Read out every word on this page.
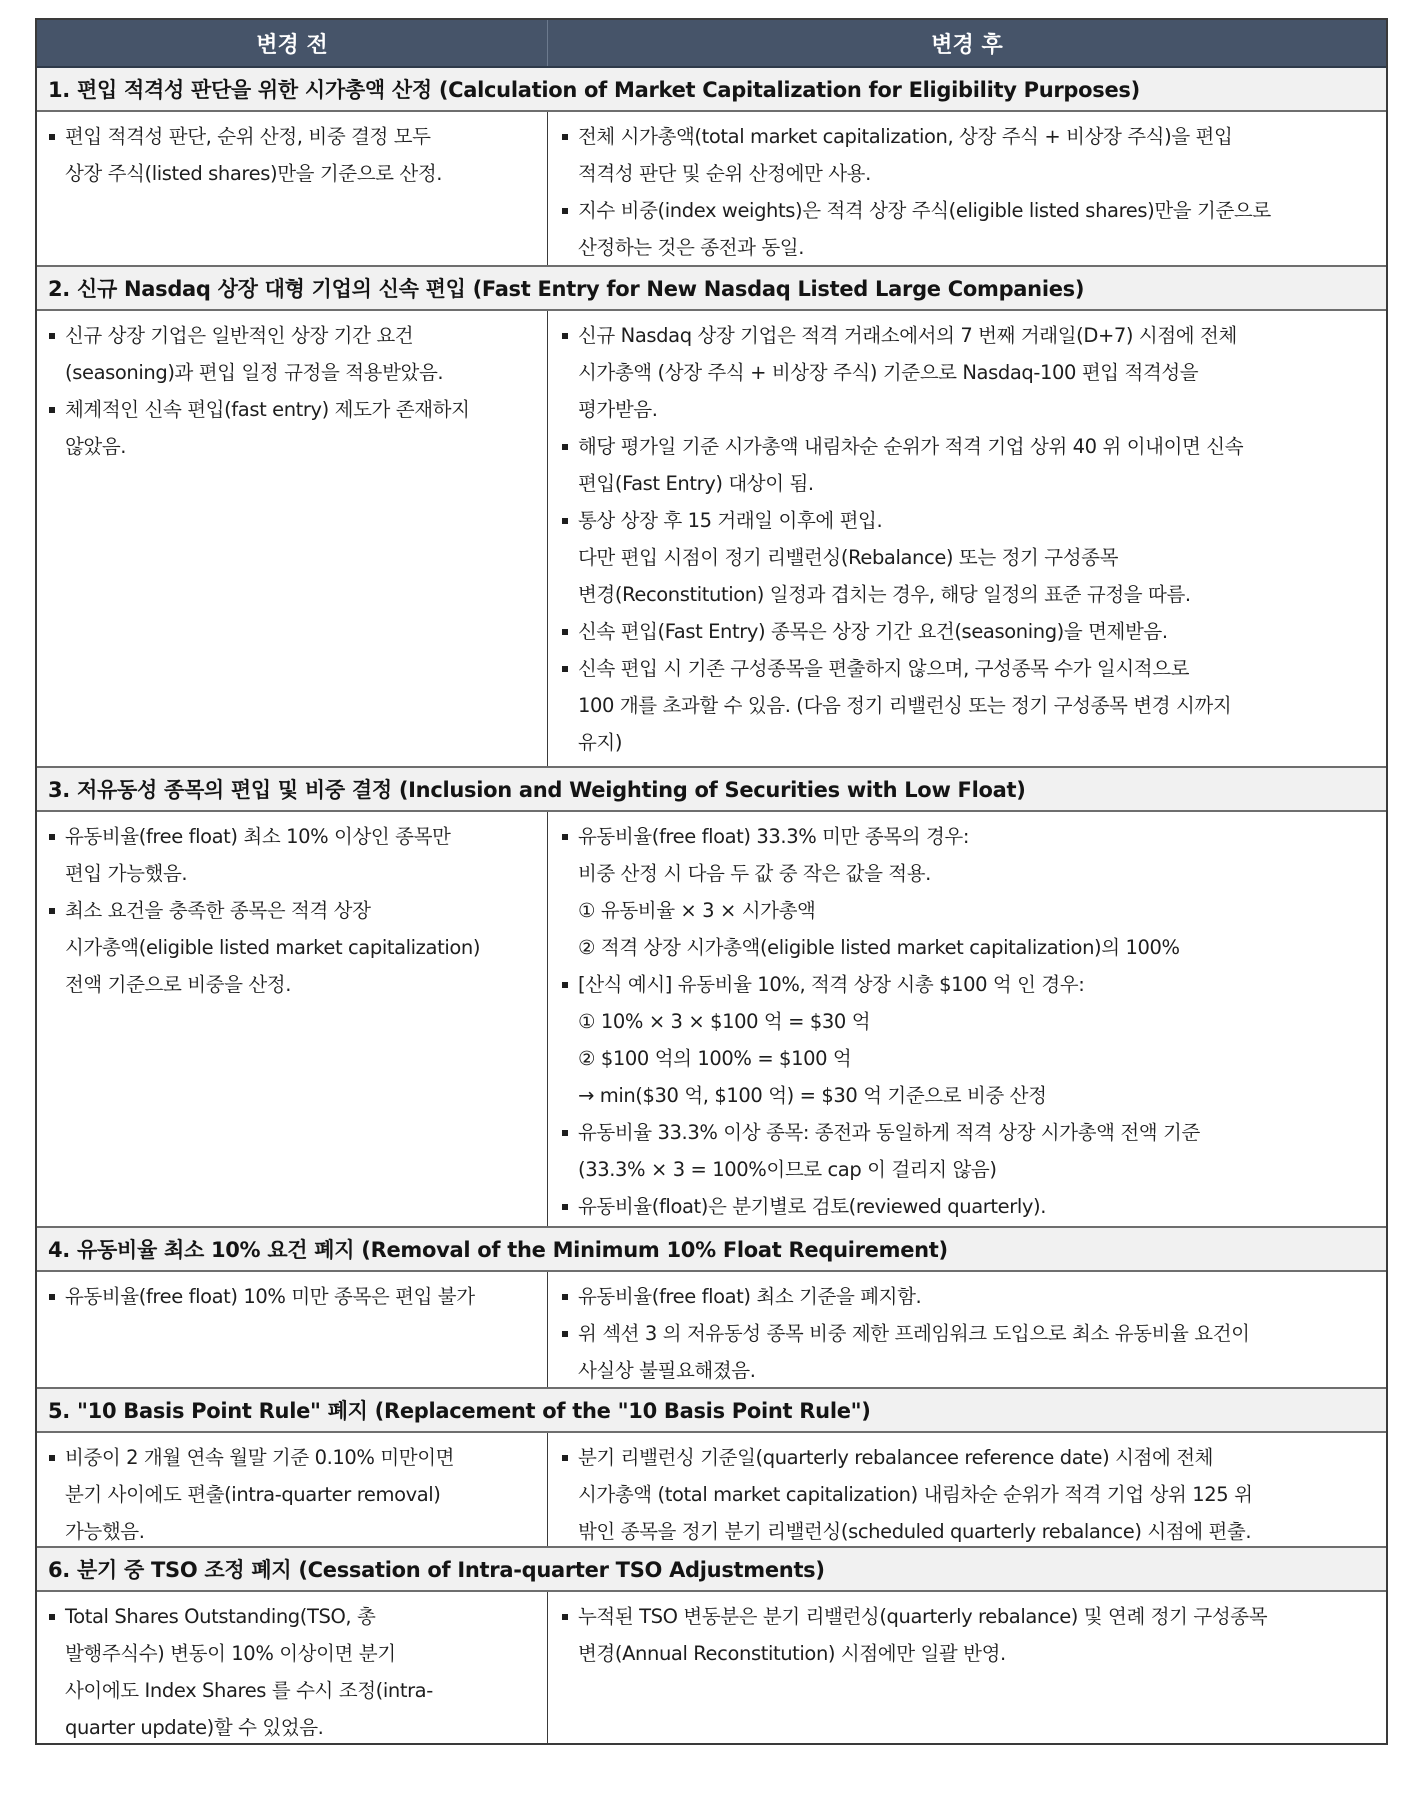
변경 전	변경 후
1. 편입 적격성 판단을 위한 시가총액 산정 (Calculation of Market Capitalization for Eligibility Purposes)
편입 적격성 판단, 순위 산정, 비중 결정 모두
상장 주식(listed shares)만을 기준으로 산정.
전체 시가총액(total market capitalization, 상장 주식 + 비상장 주식)을 편입
적격성 판단 및 순위 산정에만 사용.
지수 비중(index weights)은 적격 상장 주식(eligible listed shares)만을 기준으로
산정하는 것은 종전과 동일.
2. 신규 Nasdaq 상장 대형 기업의 신속 편입 (Fast Entry for New Nasdaq Listed Large Companies)
신규 상장 기업은 일반적인 상장 기간 요건
(seasoning)과 편입 일정 규정을 적용받았음.
체계적인 신속 편입(fast entry) 제도가 존재하지
않았음.
신규 Nasdaq 상장 기업은 적격 거래소에서의 7 번째 거래일(D+7) 시점에 전체
시가총액 (상장 주식 + 비상장 주식) 기준으로 Nasdaq-100 편입 적격성을
평가받음.
해당 평가일 기준 시가총액 내림차순 순위가 적격 기업 상위 40 위 이내이면 신속
편입(Fast Entry) 대상이 됨.
통상 상장 후 15 거래일 이후에 편입.
다만 편입 시점이 정기 리밸런싱(Rebalance) 또는 정기 구성종목
변경(Reconstitution) 일정과 겹치는 경우, 해당 일정의 표준 규정을 따름.
신속 편입(Fast Entry) 종목은 상장 기간 요건(seasoning)을 면제받음.
신속 편입 시 기존 구성종목을 편출하지 않으며, 구성종목 수가 일시적으로
100 개를 초과할 수 있음. (다음 정기 리밸런싱 또는 정기 구성종목 변경 시까지
유지)
3. 저유동성 종목의 편입 및 비중 결정 (Inclusion and Weighting of Securities with Low Float)
유동비율(free float) 최소 10% 이상인 종목만
편입 가능했음.
최소 요건을 충족한 종목은 적격 상장
시가총액(eligible listed market capitalization)
전액 기준으로 비중을 산정.
유동비율(free float) 33.3% 미만 종목의 경우:
비중 산정 시 다음 두 값 중 작은 값을 적용.
① 유동비율 × 3 × 시가총액
② 적격 상장 시가총액(eligible listed market capitalization)의 100%
[산식 예시] 유동비율 10%, 적격 상장 시총 $100 억 인 경우:
① 10% × 3 × $100 억 = $30 억
② $100 억의 100% = $100 억
→ min($30 억, $100 억) = $30 억 기준으로 비중 산정
유동비율 33.3% 이상 종목: 종전과 동일하게 적격 상장 시가총액 전액 기준
(33.3% × 3 = 100%이므로 cap 이 걸리지 않음)
유동비율(float)은 분기별로 검토(reviewed quarterly).
4. 유동비율 최소 10% 요건 폐지 (Removal of the Minimum 10% Float Requirement)
유동비율(free float) 10% 미만 종목은 편입 불가	유동비율(free float) 최소 기준을 폐지함.
위 섹션 3 의 저유동성 종목 비중 제한 프레임워크 도입으로 최소 유동비율 요건이
사실상 불필요해졌음.
5. "10 Basis Point Rule" 폐지 (Replacement of the "10 Basis Point Rule")
비중이 2 개월 연속 월말 기준 0.10% 미만이면
분기 사이에도 편출(intra-quarter removal)
가능했음.
분기 리밸런싱 기준일(quarterly rebalancee reference date) 시점에 전체
시가총액 (total market capitalization) 내림차순 순위가 적격 기업 상위 125 위
밖인 종목을 정기 분기 리밸런싱(scheduled quarterly rebalance) 시점에 편출.
6. 분기 중 TSO 조정 폐지 (Cessation of Intra-quarter TSO Adjustments)
Total Shares Outstanding(TSO, 총
발행주식수) 변동이 10% 이상이면 분기
사이에도 Index Shares 를 수시 조정(intra-
quarter update)할 수 있었음.
누적된 TSO 변동분은 분기 리밸런싱(quarterly rebalance) 및 연례 정기 구성종목
변경(Annual Reconstitution) 시점에만 일괄 반영.
